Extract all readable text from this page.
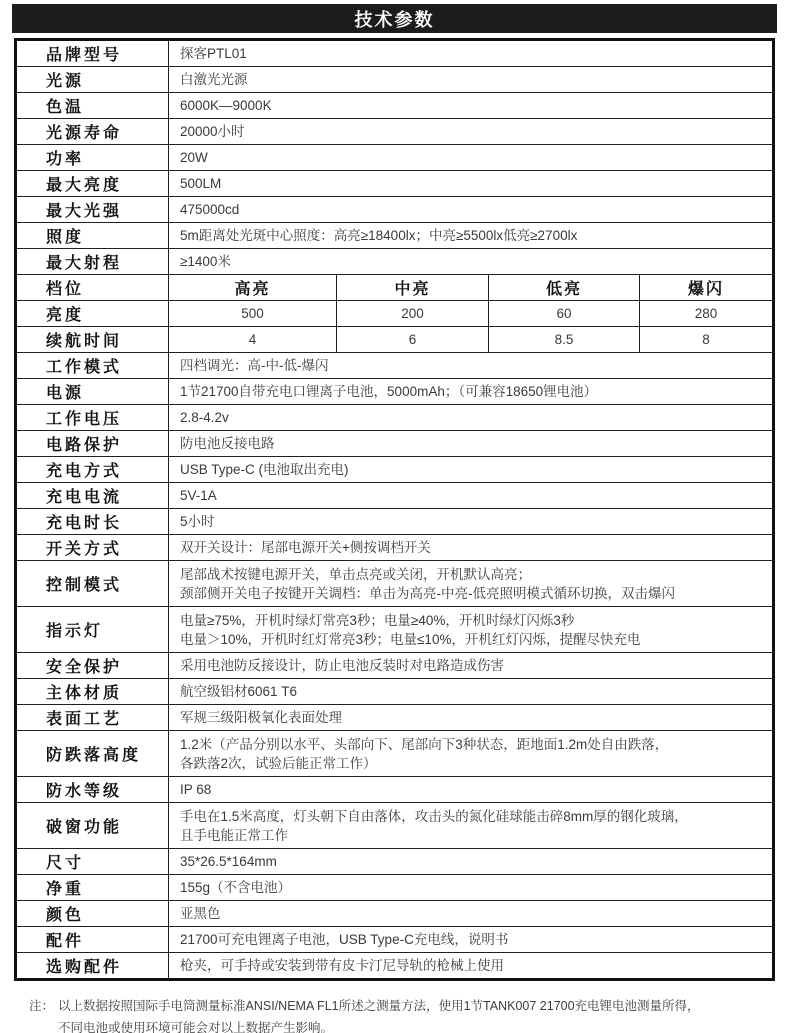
技术参数
品牌型号	探客PTL01			
光源	白激光光源			
色温	6000K—9000K			
光源寿命	20000小时			
功率	20W			
最大亮度	500LM			
最大光强	475000cd			
照度	5m距离处光斑中心照度：高亮≥18400lx；中亮≥5500lx低亮≥2700lx			
最大射程	≥1400米			
档位	高亮	中亮	低亮	爆闪
亮度	500	200	60	280
续航时间	4	6	8.5	8
工作模式	四档调光：高-中-低-爆闪			
电源	1节21700自带充电口锂离子电池，5000mAh；（可兼容18650锂电池）			
工作电压	2.8-4.2v			
电路保护	防电池反接电路			
充电方式	USB Type-C (电池取出充电)			
充电电流	5V-1A			
充电时长	5小时			
开关方式	双开关设计：尾部电源开关+侧按调档开关			
控制模式	尾部战术按键电源开关，单击点亮或关闭，开机默认高亮；
颈部侧开关电子按键开关调档：单击为高亮-中亮-低亮照明模式循环切换，双击爆闪			

指示灯	电量≥75%，开机时绿灯常亮3秒；电量≥40%，开机时绿灯闪烁3秒
电量＞10%，开机时红灯常亮3秒；电量≤10%，开机红灯闪烁，提醒尽快充电			

安全保护	采用电池防反接设计，防止电池反装时对电路造成伤害			
主体材质	航空级铝材6061 T6			
表面工艺	军规三级阳极氧化表面处理			
防跌落高度	1.2米（产品分别以水平、头部向下、尾部向下3种状态，距地面1.2m处自由跌落，
各跌落2次，试验后能正常工作）			

防水等级	IP 68			
破窗功能	手电在1.5米高度，灯头朝下自由落体，攻击头的氮化硅球能击碎8mm厚的钢化玻璃，
且手电能正常工作			

尺寸	35*26.5*164mm			
净重	155g（不含电池）			
颜色	亚黑色			
配件	21700可充电锂离子电池，USB Type-C充电线，说明书			
选购配件	枪夹，可手持或安装到带有皮卡汀尼导轨的枪械上使用			
注： 以上数据按照国际手电筒测量标准ANSI/NEMA FL1所述之测量方法，使用1节TANK007 21700充电锂电池测量所得，
不同电池或使用环境可能会对以上数据产生影响。
